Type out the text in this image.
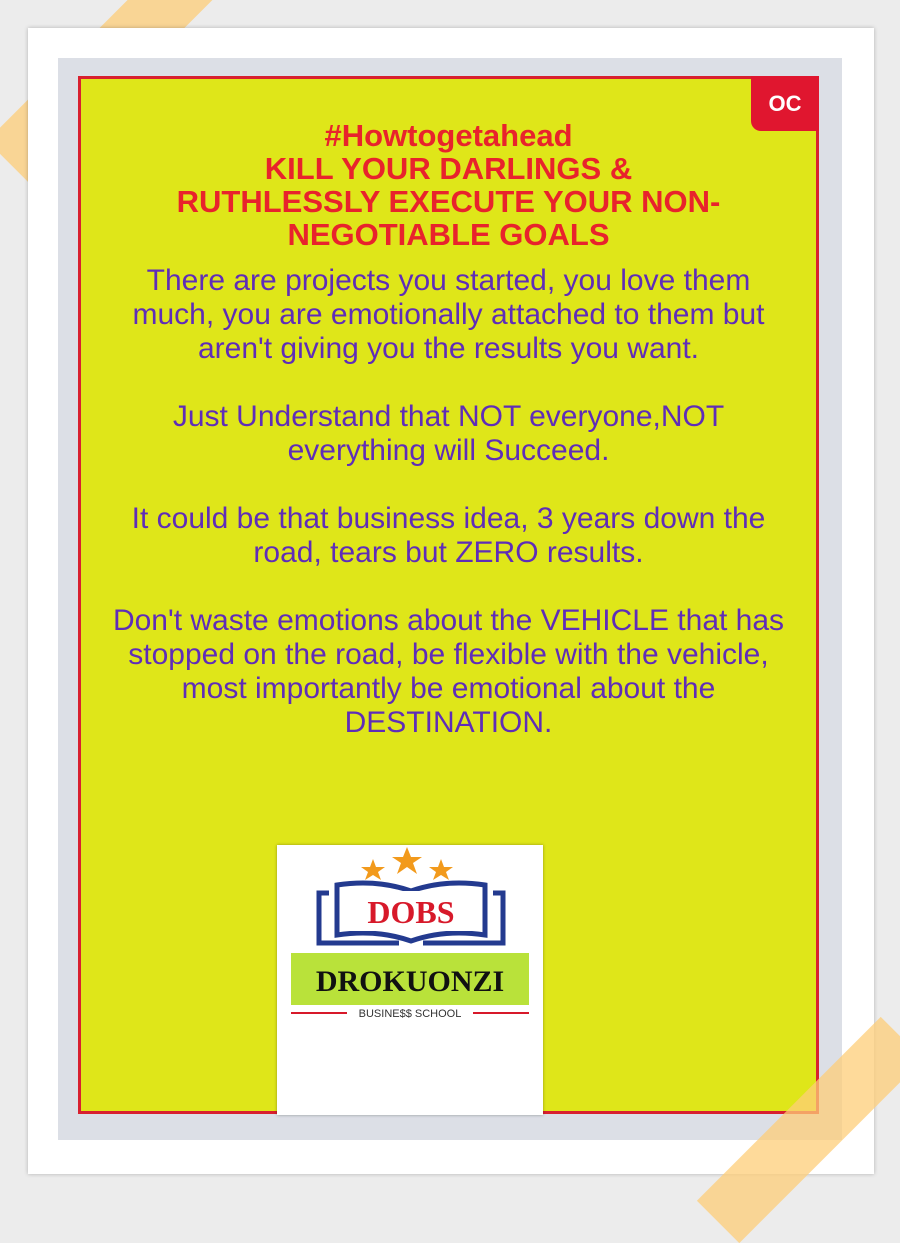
OC
#Howtogetahead
KILL YOUR DARLINGS &
RUTHLESSLY EXECUTE YOUR NON-
NEGOTIABLE GOALS

There are projects you started, you love them much, you are emotionally attached to them but aren't giving you the results you want.

Just Understand that NOT everyone,NOT everything will Succeed.

It could be that business idea, 3 years down the road, tears but ZERO results.

Don't waste emotions about the VEHICLE that has stopped on the road, be flexible with the vehicle, most importantly be emotional about the DESTINATION.

DOBS
DROKUONZI
BUSINE$$ SCHOOL
